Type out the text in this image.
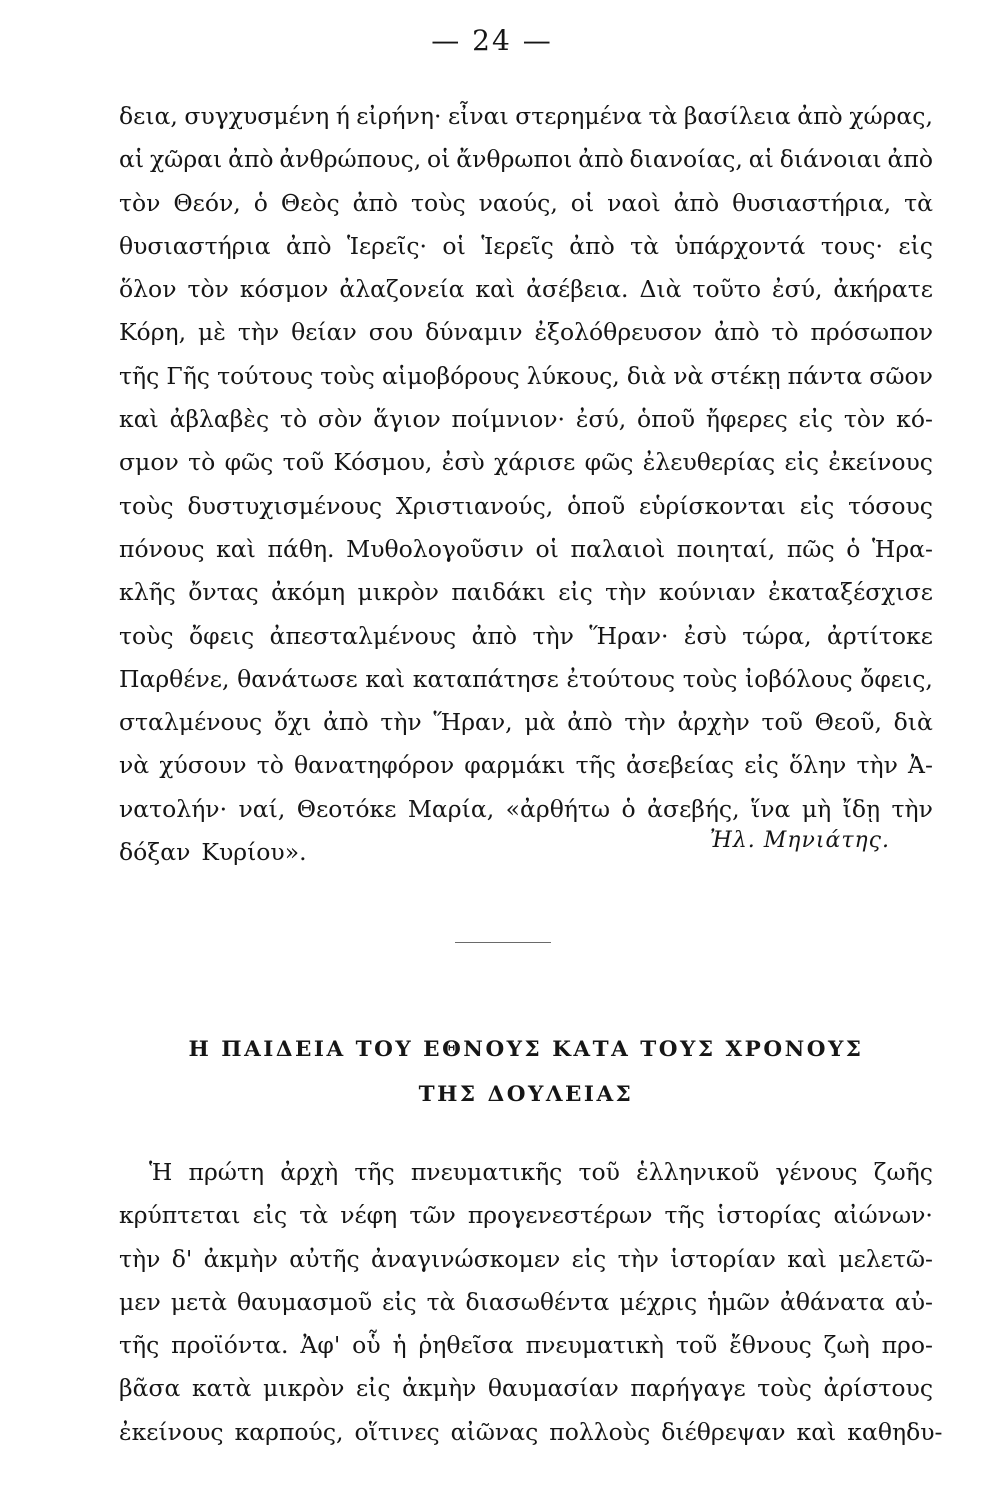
— 24 —
δεια, συγχυσμένη ή εἰρήνη· εἶναι στερημένα τὰ βασίλεια ἀπὸ χώρας,
αἱ χῶραι ἀπὸ ἀνθρώπους, οἱ ἄνθρωποι ἀπὸ διανοίας, αἱ διάνοιαι ἀπὸ
τὸν Θεόν, ὁ Θεὸς ἀπὸ τοὺς ναούς, οἱ ναοὶ ἀπὸ θυσιαστήρια, τὰ
θυσιαστήρια ἀπὸ Ἱερεῖς· οἱ Ἱερεῖς ἀπὸ τὰ ὑπάρχοντά τους· εἰς
ὅλον τὸν κόσμον ἀλαζονεία καὶ ἀσέβεια. Διὰ τοῦτο ἐσύ, ἀκήρατε
Κόρη, μὲ τὴν θείαν σου δύναμιν ἐξολόθρευσον ἀπὸ τὸ πρόσωπον
τῆς Γῆς τούτους τοὺς αἱμοβόρους λύκους, διὰ νὰ στέκῃ πάντα σῶον
καὶ ἀβλαβὲς τὸ σὸν ἅγιον ποίμνιον· ἐσύ, ὁποῦ ἤφερες εἰς τὸν κό-
σμον τὸ φῶς τοῦ Κόσμου, ἐσὺ χάρισε φῶς ἐλευθερίας εἰς ἐκείνους
τοὺς δυστυχισμένους Χριστιανούς, ὁποῦ εὑρίσκονται εἰς τόσους
πόνους καὶ πάθη. Μυθολογοῦσιν οἱ παλαιοὶ ποιηταί, πῶς ὁ Ἡρα-
κλῆς ὄντας ἀκόμη μικρὸν παιδάκι εἰς τὴν κούνιαν ἐκαταξέσχισε
τοὺς ὄφεις ἀπεσταλμένους ἀπὸ τὴν Ἥραν· ἐσὺ τώρα, ἀρτίτοκε
Παρθένε, θανάτωσε καὶ καταπάτησε ἐτούτους τοὺς ἰοβόλους ὄφεις,
σταλμένους ὄχι ἀπὸ τὴν Ἥραν, μὰ ἀπὸ τὴν ἀρχὴν τοῦ Θεοῦ, διὰ
νὰ χύσουν τὸ θανατηφόρον φαρμάκι τῆς ἀσεβείας εἰς ὅλην τὴν Ἀ-
νατολήν· ναί, Θεοτόκε Μαρία, «ἀρθήτω ὁ ἀσεβής, ἵνα μὴ ἴδῃ τὴν
δόξαν Κυρίου».	Ἠλ. Μηνιάτης.
Η ΠΑΙΔΕΙΑ ΤΟΥ ΕΘΝΟΥΣ ΚΑΤΑ ΤΟΥΣ ΧΡΟΝΟΥΣ
ΤΗΣ ΔΟΥΛΕΙΑΣ
Ἡ πρώτη ἀρχὴ τῆς πνευματικῆς τοῦ ἑλληνικοῦ γένους ζωῆς
κρύπτεται εἰς τὰ νέφη τῶν προγενεστέρων τῆς ἱστορίας αἰώνων·
τὴν δ' ἀκμὴν αὐτῆς ἀναγινώσκομεν εἰς τὴν ἱστορίαν καὶ μελετῶ-
μεν μετὰ θαυμασμοῦ εἰς τὰ διασωθέντα μέχρις ἡμῶν ἀθάνατα αὐ-
τῆς προϊόντα. Ἀφ' οὗ ἡ ῥηθεῖσα πνευματικὴ τοῦ ἔθνους ζωὴ προ-
βᾶσα κατὰ μικρὸν εἰς ἀκμὴν θαυμασίαν παρήγαγε τοὺς ἀρίστους
ἐκείνους καρπούς, οἵτινες αἰῶνας πολλοὺς διέθρεψαν καὶ καθηδυ-
